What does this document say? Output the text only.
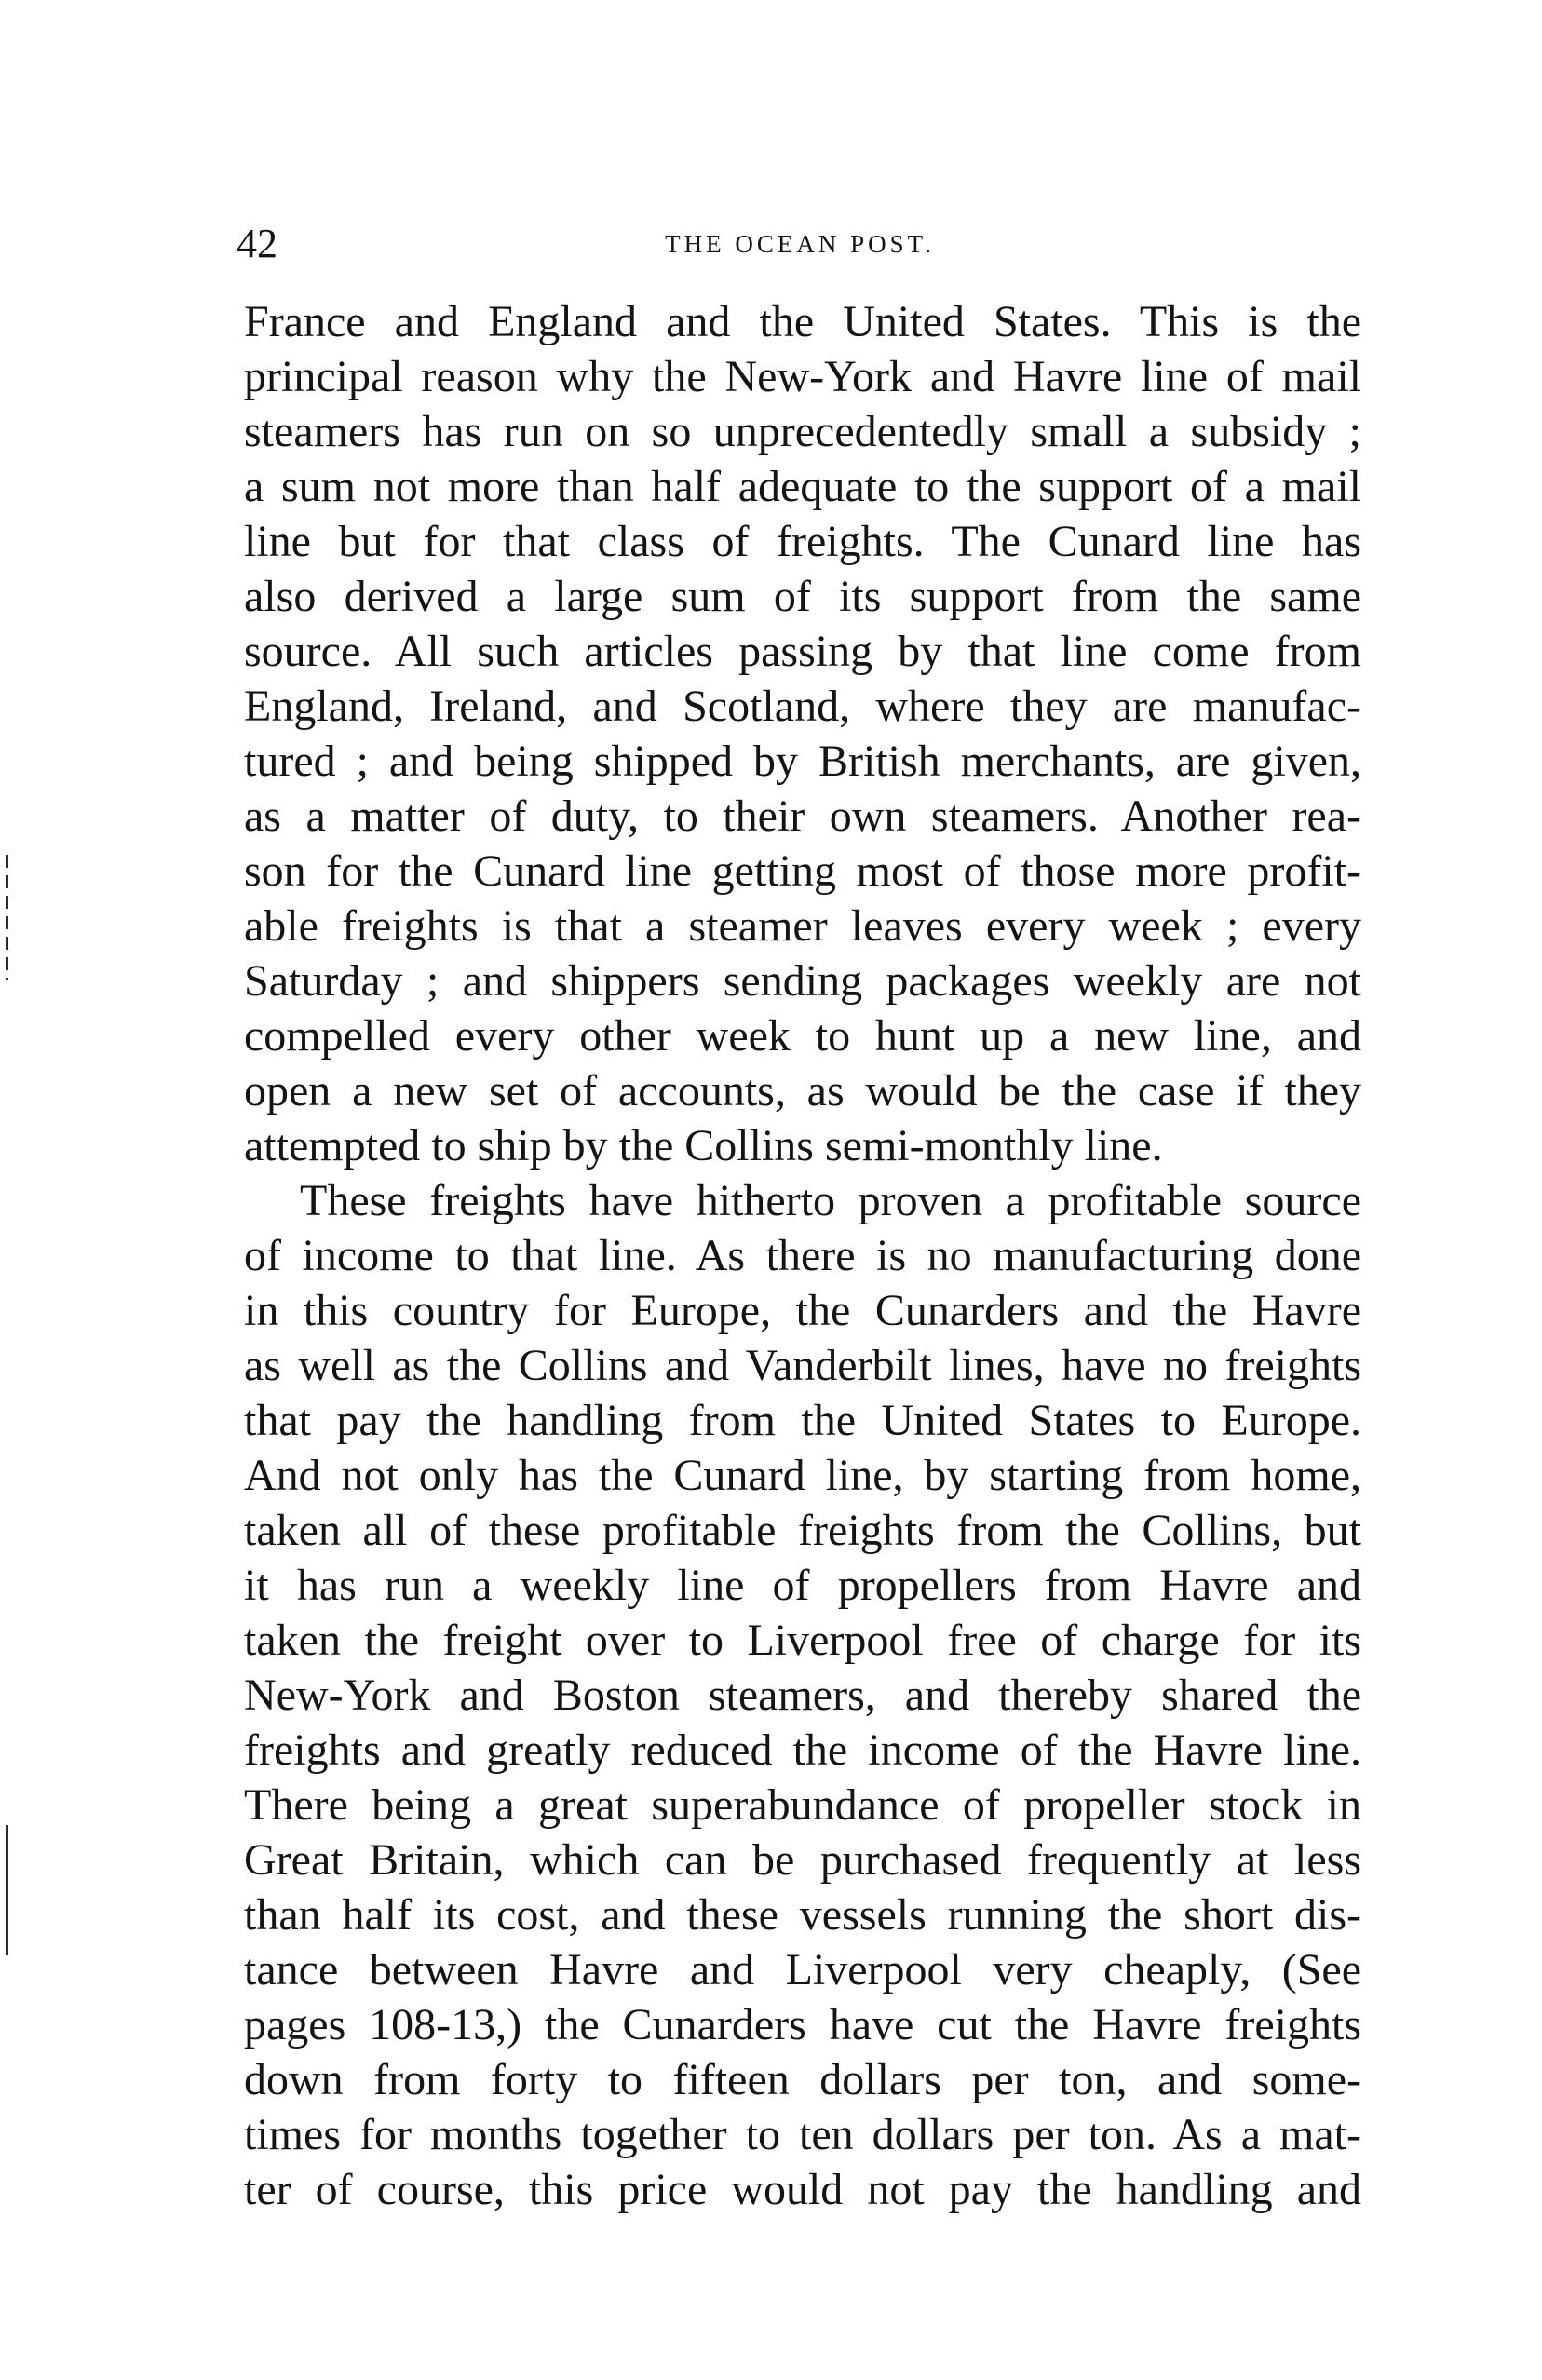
42	THE OCEAN POST.
France and England and the United States. This is the
principal reason why the New-York and Havre line of mail
steamers has run on so unprecedentedly small a subsidy ;
a sum not more than half adequate to the support of a mail
line but for that class of freights. The Cunard line has
also derived a large sum of its support from the same
source. All such articles passing by that line come from
England, Ireland, and Scotland, where they are manufac-
tured ; and being shipped by British merchants, are given,
as a matter of duty, to their own steamers. Another rea-
son for the Cunard line getting most of those more profit-
able freights is that a steamer leaves every week ; every
Saturday ; and shippers sending packages weekly are not
compelled every other week to hunt up a new line, and
open a new set of accounts, as would be the case if they
attempted to ship by the Collins semi-monthly line.
These freights have hitherto proven a profitable source
of income to that line. As there is no manufacturing done
in this country for Europe, the Cunarders and the Havre
as well as the Collins and Vanderbilt lines, have no freights
that pay the handling from the United States to Europe.
And not only has the Cunard line, by starting from home,
taken all of these profitable freights from the Collins, but
it has run a weekly line of propellers from Havre and
taken the freight over to Liverpool free of charge for its
New-York and Boston steamers, and thereby shared the
freights and greatly reduced the income of the Havre line.
There being a great superabundance of propeller stock in
Great Britain, which can be purchased frequently at less
than half its cost, and these vessels running the short dis-
tance between Havre and Liverpool very cheaply, (See
pages 108-13,) the Cunarders have cut the Havre freights
down from forty to fifteen dollars per ton, and some-
times for months together to ten dollars per ton. As a mat-
ter of course, this price would not pay the handling and
